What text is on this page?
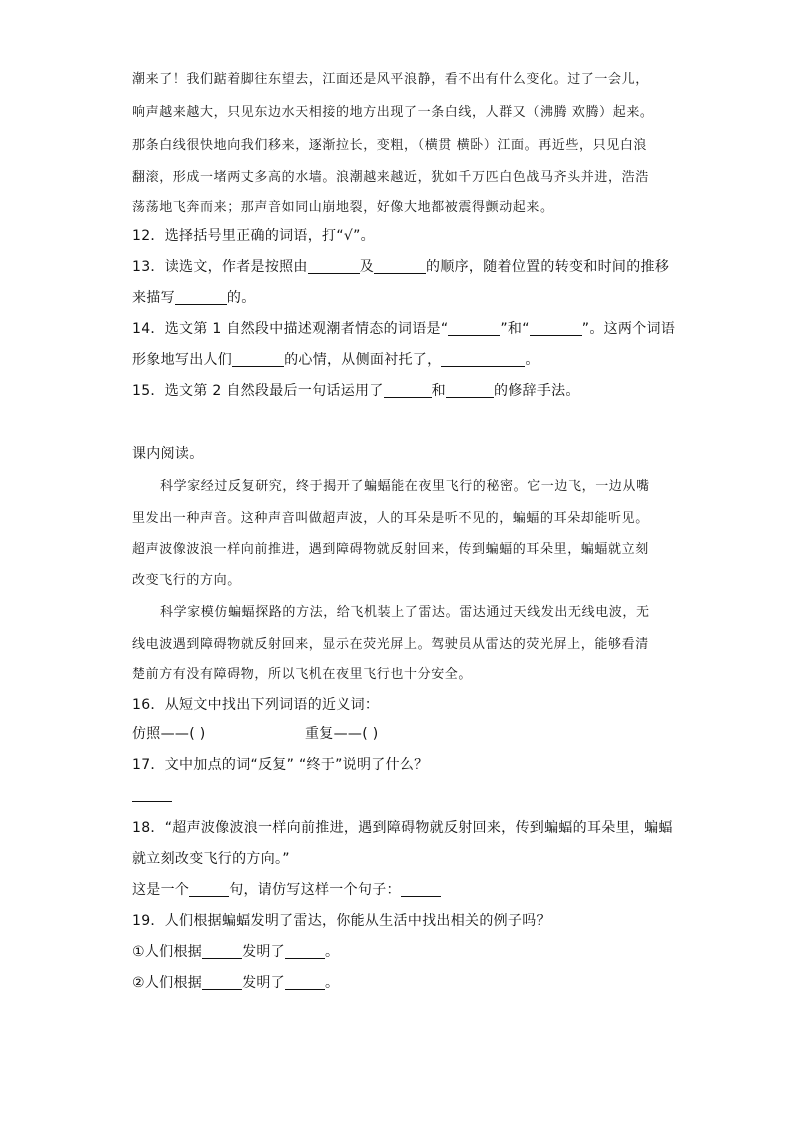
潮来了！我们踮着脚往东望去，江面还是风平浪静，看不出有什么变化。过了一会儿，
响声越来越大，只见东边水天相接的地方出现了一条白线，人群又（沸腾 欢腾）起来。
那条白线很快地向我们移来，逐渐拉长，变粗，（横贯 横卧）江面。再近些，只见白浪
翻滚，形成一堵两丈多高的水墙。浪潮越来越近，犹如千万匹白色战马齐头并进，浩浩
荡荡地飞奔而来；那声音如同山崩地裂，好像大地都被震得颤动起来。
12．选择括号里正确的词语，打“√”。
13．读选文，作者是按照由	及	的顺序，随着位置的转变和时间的推移
来描写	的。
14．选文第 1 自然段中描述观潮者情态的词语是“	”和“	”。这两个词语
形象地写出人们	的心情，从侧面衬托了，	。
15．选文第 2 自然段最后一句话运用了	和	的修辞手法。
课内阅读。
科学家经过反复研究，终于揭开了蝙蝠能在夜里飞行的秘密。它一边飞，一边从嘴
里发出一种声音。这种声音叫做超声波，人的耳朵是听不见的，蝙蝠的耳朵却能听见。
超声波像波浪一样向前推进，遇到障碍物就反射回来，传到蝙蝠的耳朵里，蝙蝠就立刻
改变飞行的方向。
科学家模仿蝙蝠探路的方法，给飞机装上了雷达。雷达通过天线发出无线电波，无
线电波遇到障碍物就反射回来，显示在荧光屏上。驾驶员从雷达的荧光屏上，能够看清
楚前方有没有障碍物，所以飞机在夜里飞行也十分安全。
16．从短文中找出下列词语的近义词：
仿照——( )	重复——( )
17．文中加点的词“反复” “终于”说明了什么？
18．“超声波像波浪一样向前推进，遇到障碍物就反射回来，传到蝙蝠的耳朵里，蝙蝠
就立刻改变飞行的方向。”
这是一个	句，请仿写这样一个句子：
19．人们根据蝙蝠发明了雷达，你能从生活中找出相关的例子吗？
①人们根据	发明了	。
②人们根据	发明了	。
